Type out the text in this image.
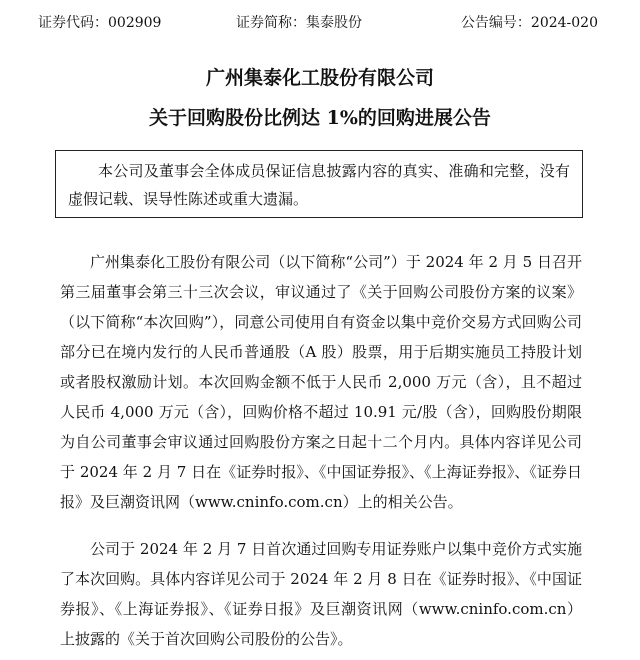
证券代码：002909	证券简称：集泰股份	公告编号：2024-020
广州集泰化工股份有限公司
关于回购股份比例达 1%的回购进展公告

本公司及董事会全体成员保证信息披露内容的真实、准确和完整，没有虚假记载、误导性陈述或重大遗漏。

广州集泰化工股份有限公司（以下简称“公司”）于 2024 年 2 月 5 日召开第三届董事会第三十三次会议，审议通过了《关于回购公司股份方案的议案》（以下简称“本次回购”），同意公司使用自有资金以集中竞价交易方式回购公司部分已在境内发行的人民币普通股（A 股）股票，用于后期实施员工持股计划或者股权激励计划。本次回购金额不低于人民币 2,000 万元（含），且不超过人民币 4,000 万元（含），回购价格不超过 10.91 元/股（含），回购股份期限为自公司董事会审议通过回购股份方案之日起十二个月内。具体内容详见公司于 2024 年 2 月 7 日在《证券时报》、《中国证券报》、《上海证券报》、《证券日报》及巨潮资讯网（www.cninfo.com.cn）上的相关公告。

公司于 2024 年 2 月 7 日首次通过回购专用证券账户以集中竞价方式实施了本次回购。具体内容详见公司于 2024 年 2 月 8 日在《证券时报》、《中国证券报》、《上海证券报》、《证券日报》及巨潮资讯网（www.cninfo.com.cn）上披露的《关于首次回购公司股份的公告》。
